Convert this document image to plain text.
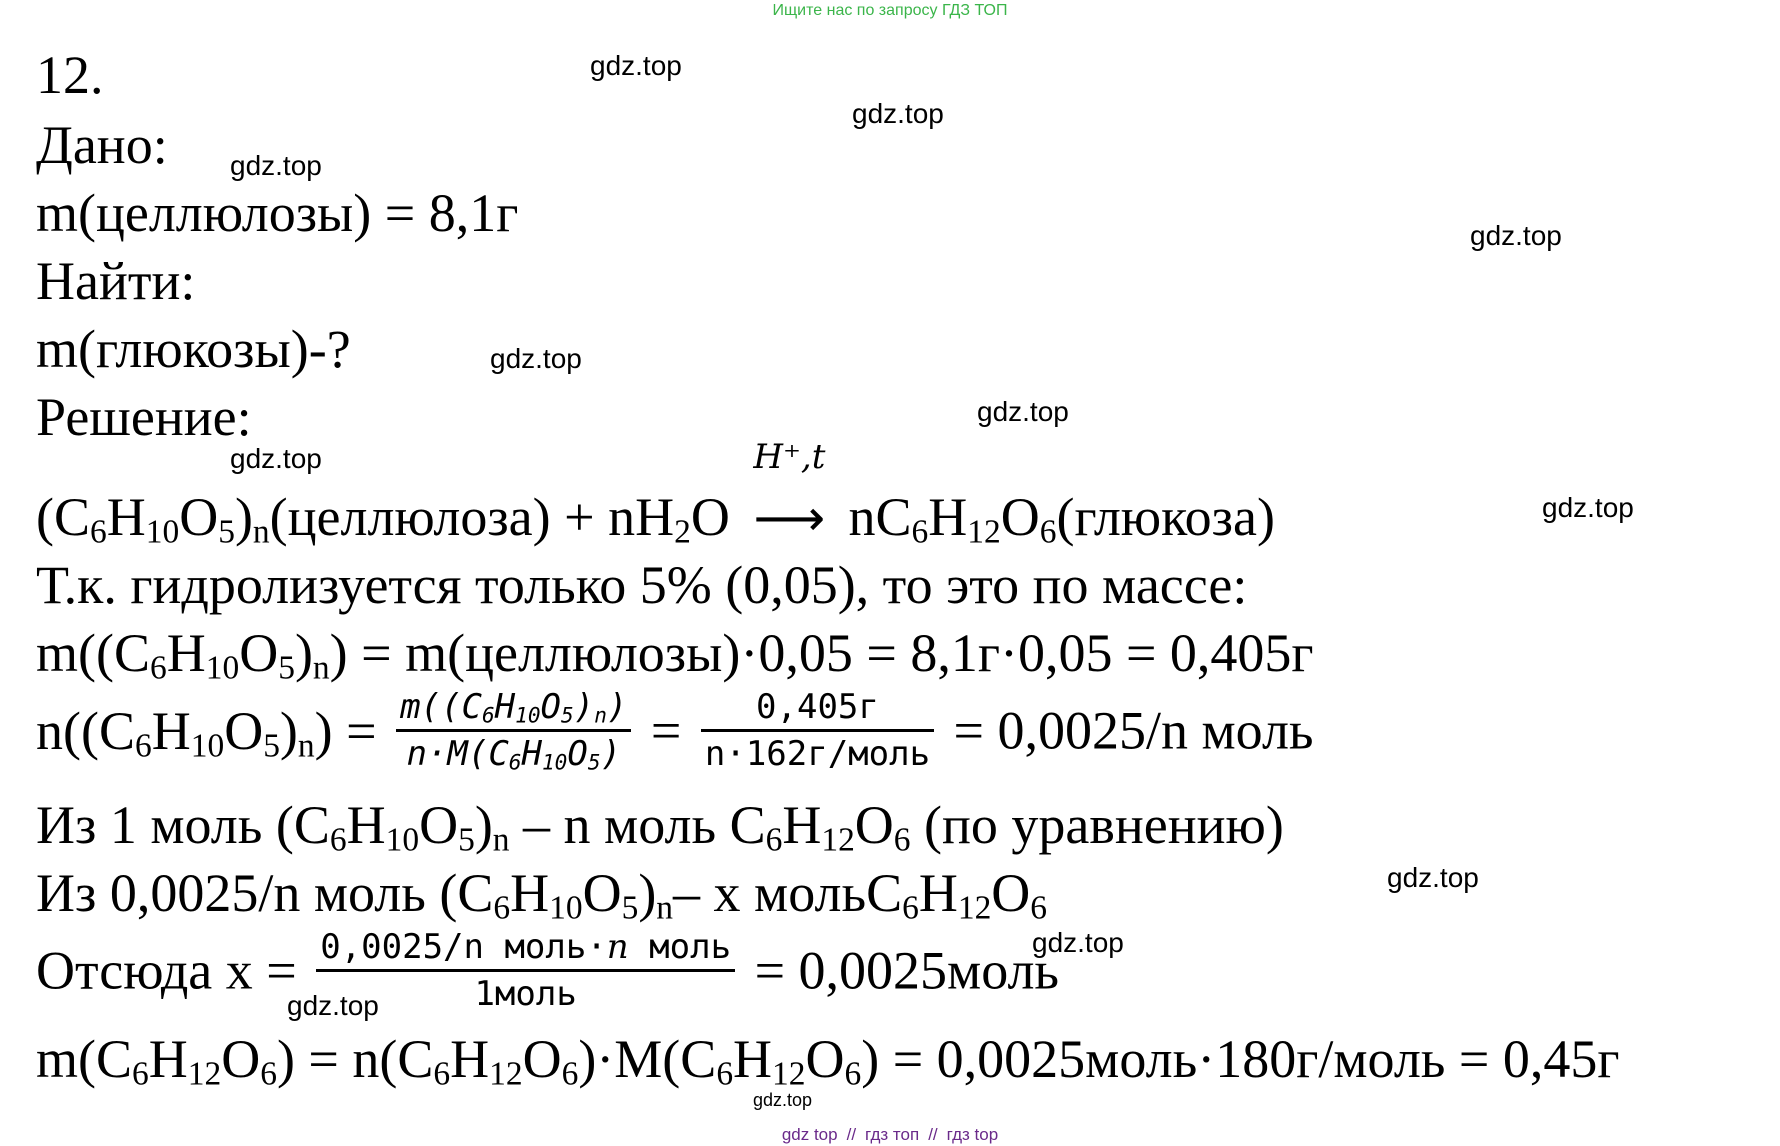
Ищите нас по запросу ГДЗ ТОП
12.
Дано:
m(целлюлозы) = 8,1г
Найти:
m(глюкозы)-?
Решение:
$(C_6H_{10}O_5)_n(целлюлоза) + nH_2O$
H⁺,t
⟶ $nC_6H_{12}O_6(глюкоза)$
Т.к. гидролизуется только 5% (0,05), то это по массе:
$m((C_6H_{10}O_5)_n)$ = m(целлюлозы)·0,05 = 8,1г·0,05 = 0,405г
$n((C_6H_{10}O_5)_n) = \frac{m((C_6H_{10}O_5)_n)}{n\cdot M(C_6H_{10}O_5)} = \frac{0,405г}{\text{n·162г/моль}} = 0,0025/n$ моль
Из 1 моль $(C_6H_{10}O_5)_n$ – n моль $C_6H_{12}O_6$ (по уравнению)
Из 0,0025/n моль $(C_6H_{10}O_5)_n-$ x $мольC_6H_{12}O_6$
Отсюда $x = \frac{\text{0,0025/n моль·n моль}}{\text{1моль}}$ = 0,0025моль
$m(C_6H_{12}O_6) = n(C_6H_{12}O_6)\cdot M(C_6H_{12}O_6)$ = 0,0025моль·180г/моль = 0,45г
gdz.top
gdz.top
gdz.top
gdz.top
gdz.top
gdz.top
gdz.top
gdz.top
gdz.top
gdz.top
gdz.top
gdz.top
gdz top // гдз топ // гдз top
